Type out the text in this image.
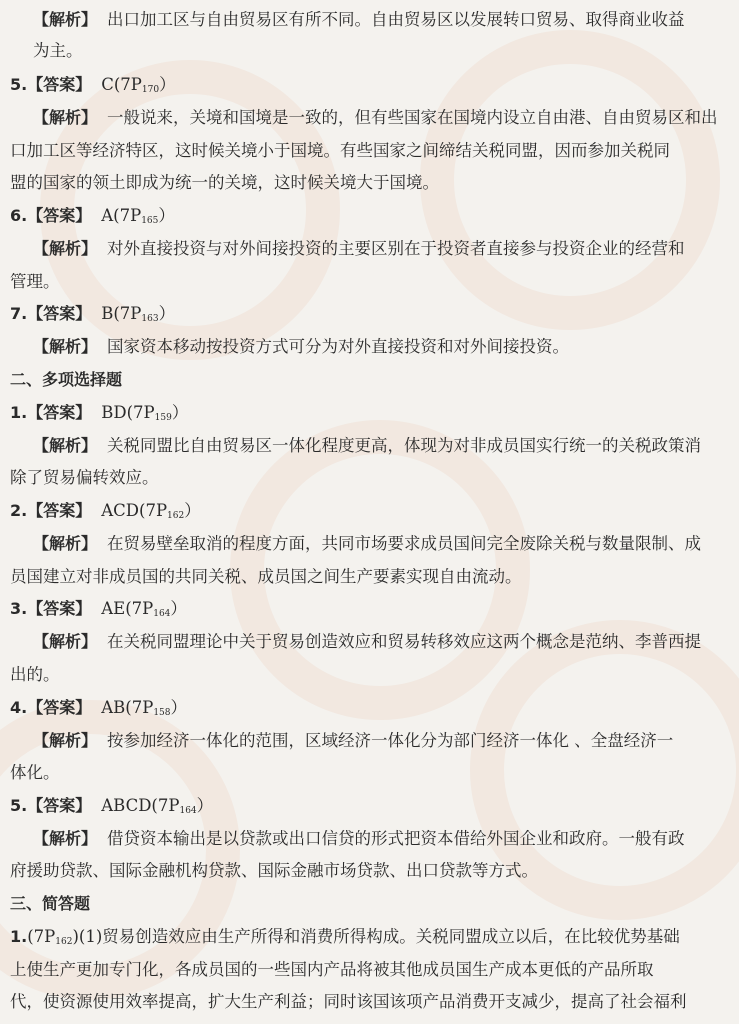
【解析】 出口加工区与自由贸易区有所不同。自由贸易区以发展转口贸易、取得商业收益
为主。
5.【答案】 $C(7P_{170})$
【解析】 一般说来，关境和国境是一致的，但有些国家在国境内设立自由港、自由贸易区和出
口加工区等经济特区，这时候关境小于国境。有些国家之间缔结关税同盟，因而参加关税同
盟的国家的领土即成为统一的关境，这时候关境大于国境。
6.【答案】 $A(7P_{165})$
【解析】 对外直接投资与对外间接投资的主要区别在于投资者直接参与投资企业的经营和
管理。
7.【答案】 $B(7P_{163})$
【解析】 国家资本移动按投资方式可分为对外直接投资和对外间接投资。
二、多项选择题
1.【答案】 $BD(7P_{159})$
【解析】 关税同盟比自由贸易区一体化程度更高，体现为对非成员国实行统一的关税政策消
除了贸易偏转效应。
2.【答案】 $ACD(7P_{162})$
【解析】 在贸易壁垒取消的程度方面，共同市场要求成员国间完全废除关税与数量限制、成
员国建立对非成员国的共同关税、成员国之间生产要素实现自由流动。
3.【答案】 $AE(7P_{164})$
【解析】 在关税同盟理论中关于贸易创造效应和贸易转移效应这两个概念是范纳、李普西提
出的。
4.【答案】 $AB(7P_{158})$
【解析】 按参加经济一体化的范围，区域经济一体化分为部门经济一体化 、全盘经济一
体化。
5.【答案】 $ABCD(7P_{164})$
【解析】 借贷资本输出是以贷款或出口信贷的形式把资本借给外国企业和政府。一般有政
府援助贷款、国际金融机构贷款、国际金融市场贷款、出口贷款等方式。
三、简答题
$1.(7P_{162})(1)$贸易创造效应由生产所得和消费所得构成。关税同盟成立以后，在比较优势基础
上使生产更加专门化，各成员国的一些国内产品将被其他成员国生产成本更低的产品所取
代，使资源使用效率提高，扩大生产利益；同时该国该项产品消费开支减少，提高了社会福利
